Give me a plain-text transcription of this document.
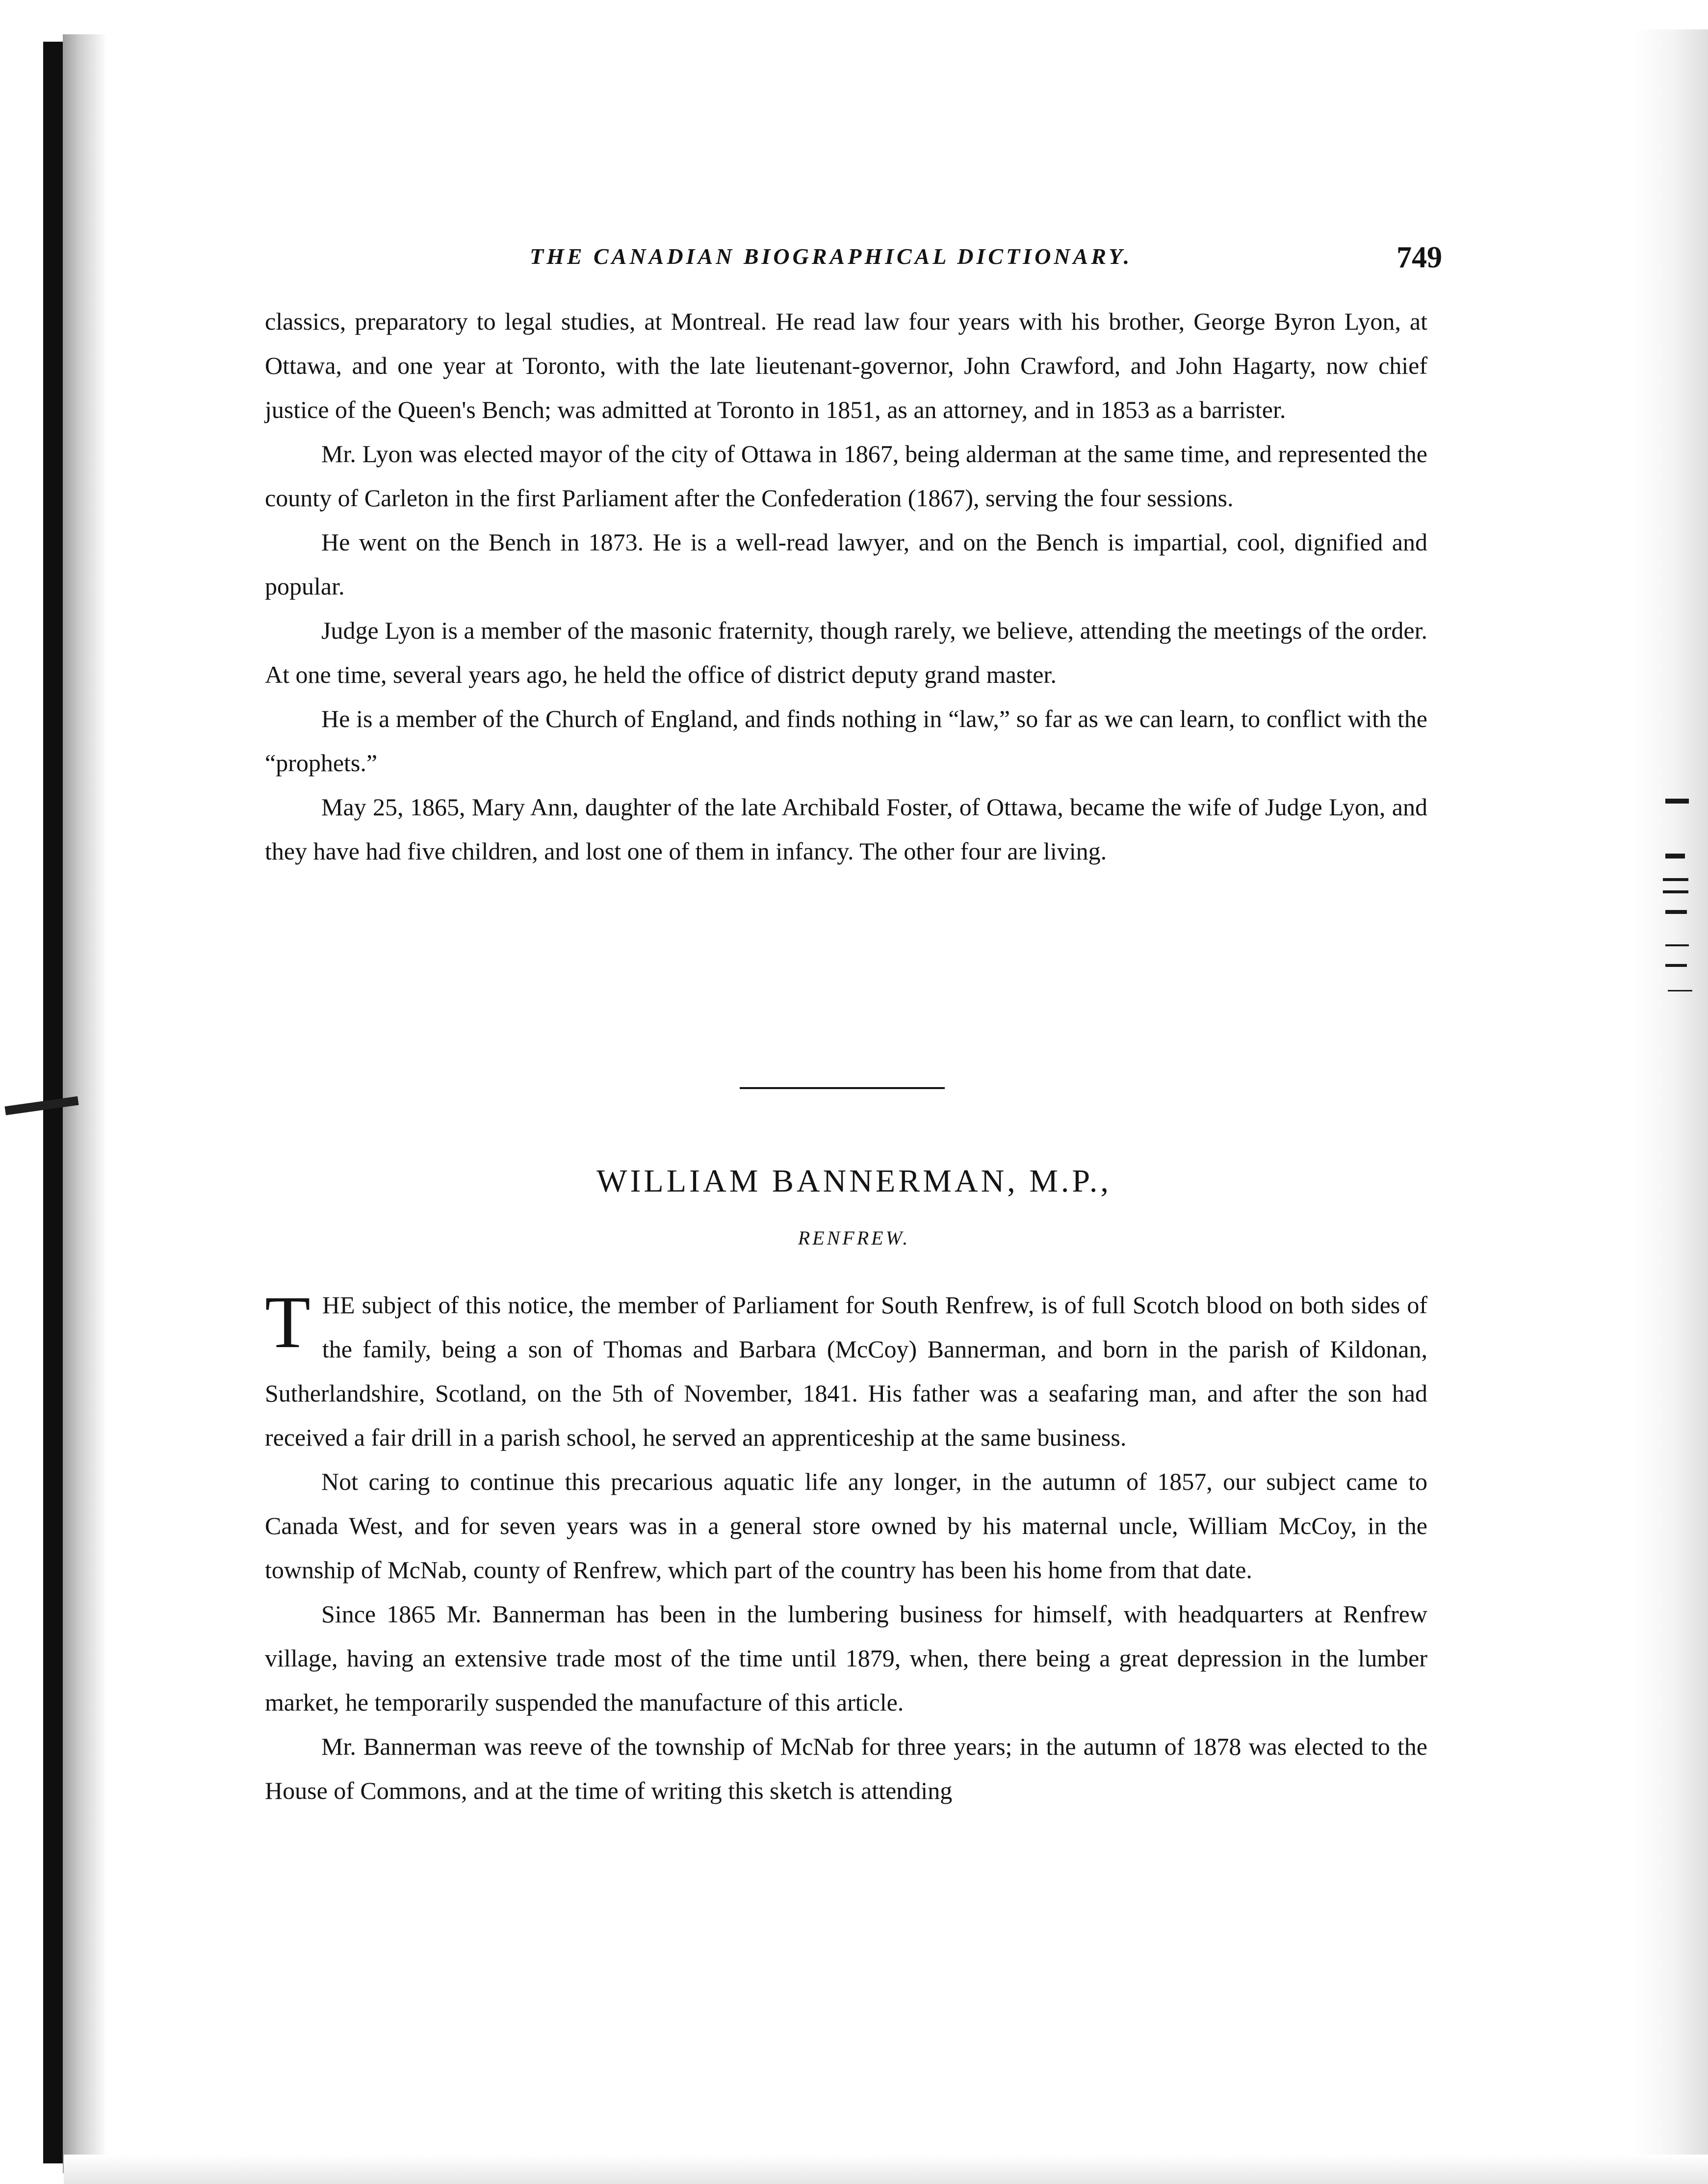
THE CANADIAN BIOGRAPHICAL DICTIONARY.	749

classics, preparatory to legal studies, at Montreal. He read law four years with his brother, George Byron Lyon, at Ottawa, and one year at Toronto, with the late lieutenant-governor, John Crawford, and John Hagarty, now chief justice of the Queen's Bench; was admitted at Toronto in 1851, as an attorney, and in 1853 as a barrister.

Mr. Lyon was elected mayor of the city of Ottawa in 1867, being alderman at the same time, and represented the county of Carleton in the first Parliament after the Confederation (1867), serving the four sessions.

He went on the Bench in 1873. He is a well-read lawyer, and on the Bench is impartial, cool, dignified and popular.

Judge Lyon is a member of the masonic fraternity, though rarely, we believe, attending the meetings of the order. At one time, several years ago, he held the office of district deputy grand master.

He is a member of the Church of England, and finds nothing in “law,” so far as we can learn, to conflict with the “prophets.”

May 25, 1865, Mary Ann, daughter of the late Archibald Foster, of Ottawa, became the wife of Judge Lyon, and they have had five children, and lost one of them in infancy. The other four are living.

WILLIAM BANNERMAN, M.P.,
RENFREW.

THE subject of this notice, the member of Parliament for South Renfrew, is of full Scotch blood on both sides of the family, being a son of Thomas and Barbara (McCoy) Bannerman, and born in the parish of Kildonan, Sutherlandshire, Scotland, on the 5th of November, 1841. His father was a seafaring man, and after the son had received a fair drill in a parish school, he served an apprenticeship at the same business.

Not caring to continue this precarious aquatic life any longer, in the autumn of 1857, our subject came to Canada West, and for seven years was in a general store owned by his maternal uncle, William McCoy, in the township of McNab, county of Renfrew, which part of the country has been his home from that date.

Since 1865 Mr. Bannerman has been in the lumbering business for himself, with headquarters at Renfrew village, having an extensive trade most of the time until 1879, when, there being a great depression in the lumber market, he temporarily suspended the manufacture of this article.

Mr. Bannerman was reeve of the township of McNab for three years; in the autumn of 1878 was elected to the House of Commons, and at the time of writing this sketch is attending
